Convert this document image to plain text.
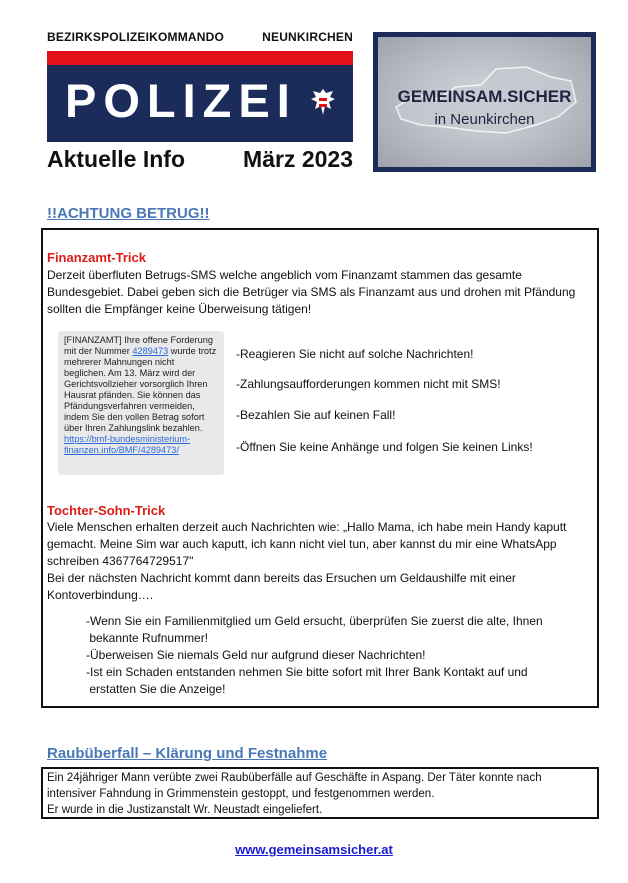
BEZIRKSPOLIZEIKOMMANDO	NEUNKIRCHEN
POLIZEI
Aktuelle Info	März 2023
GEMEINSAM.SICHER
in Neunkirchen
!!ACHTUNG BETRUG!!
Finanzamt-Trick
Derzeit überfluten Betrugs-SMS welche angeblich vom Finanzamt stammen das gesamte
Bundesgebiet. Dabei geben sich die Betrüger via SMS als Finanzamt aus und drohen mit Pfändung
sollten die Empfänger keine Überweisung tätigen!
[FINANZAMT] Ihre offene Forderung mit der Nummer 4289473 wurde trotz mehrerer Mahnungen nicht beglichen. Am 13. März wird der Gerichtsvollzieher vorsorglich Ihren Hausrat pfänden. Sie können das Pfändungsverfahren vermeiden, indem Sie den vollen Betrag sofort über Ihren Zahlungslink bezahlen. https://bmf-bundesministerium-finanzen.info/BMF/4289473/
-Reagieren Sie nicht auf solche Nachrichten!
-Zahlungsaufforderungen kommen nicht mit SMS!
-Bezahlen Sie auf keinen Fall!
-Öffnen Sie keine Anhänge und folgen Sie keinen Links!
Tochter-Sohn-Trick
Viele Menschen erhalten derzeit auch Nachrichten wie: „Hallo Mama, ich habe mein Handy kaputt
gemacht. Meine Sim war auch kaputt, ich kann nicht viel tun, aber kannst du mir eine WhatsApp
schreiben 4367764729517"
Bei der nächsten Nachricht kommt dann bereits das Ersuchen um Geldaushilfe mit einer
Kontoverbindung….
-Wenn Sie ein Familienmitglied um Geld ersucht, überprüfen Sie zuerst die alte, Ihnen
bekannte Rufnummer!
-Überweisen Sie niemals Geld nur aufgrund dieser Nachrichten!
-Ist ein Schaden entstanden nehmen Sie bitte sofort mit Ihrer Bank Kontakt auf und
erstatten Sie die Anzeige!
Raubüberfall – Klärung und Festnahme
Ein 24jähriger Mann verübte zwei Raubüberfälle auf Geschäfte in Aspang. Der Täter konnte nach
intensiver Fahndung in Grimmenstein gestoppt, und festgenommen werden.
Er wurde in die Justizanstalt Wr. Neustadt eingeliefert.
www.gemeinsamsicher.at
